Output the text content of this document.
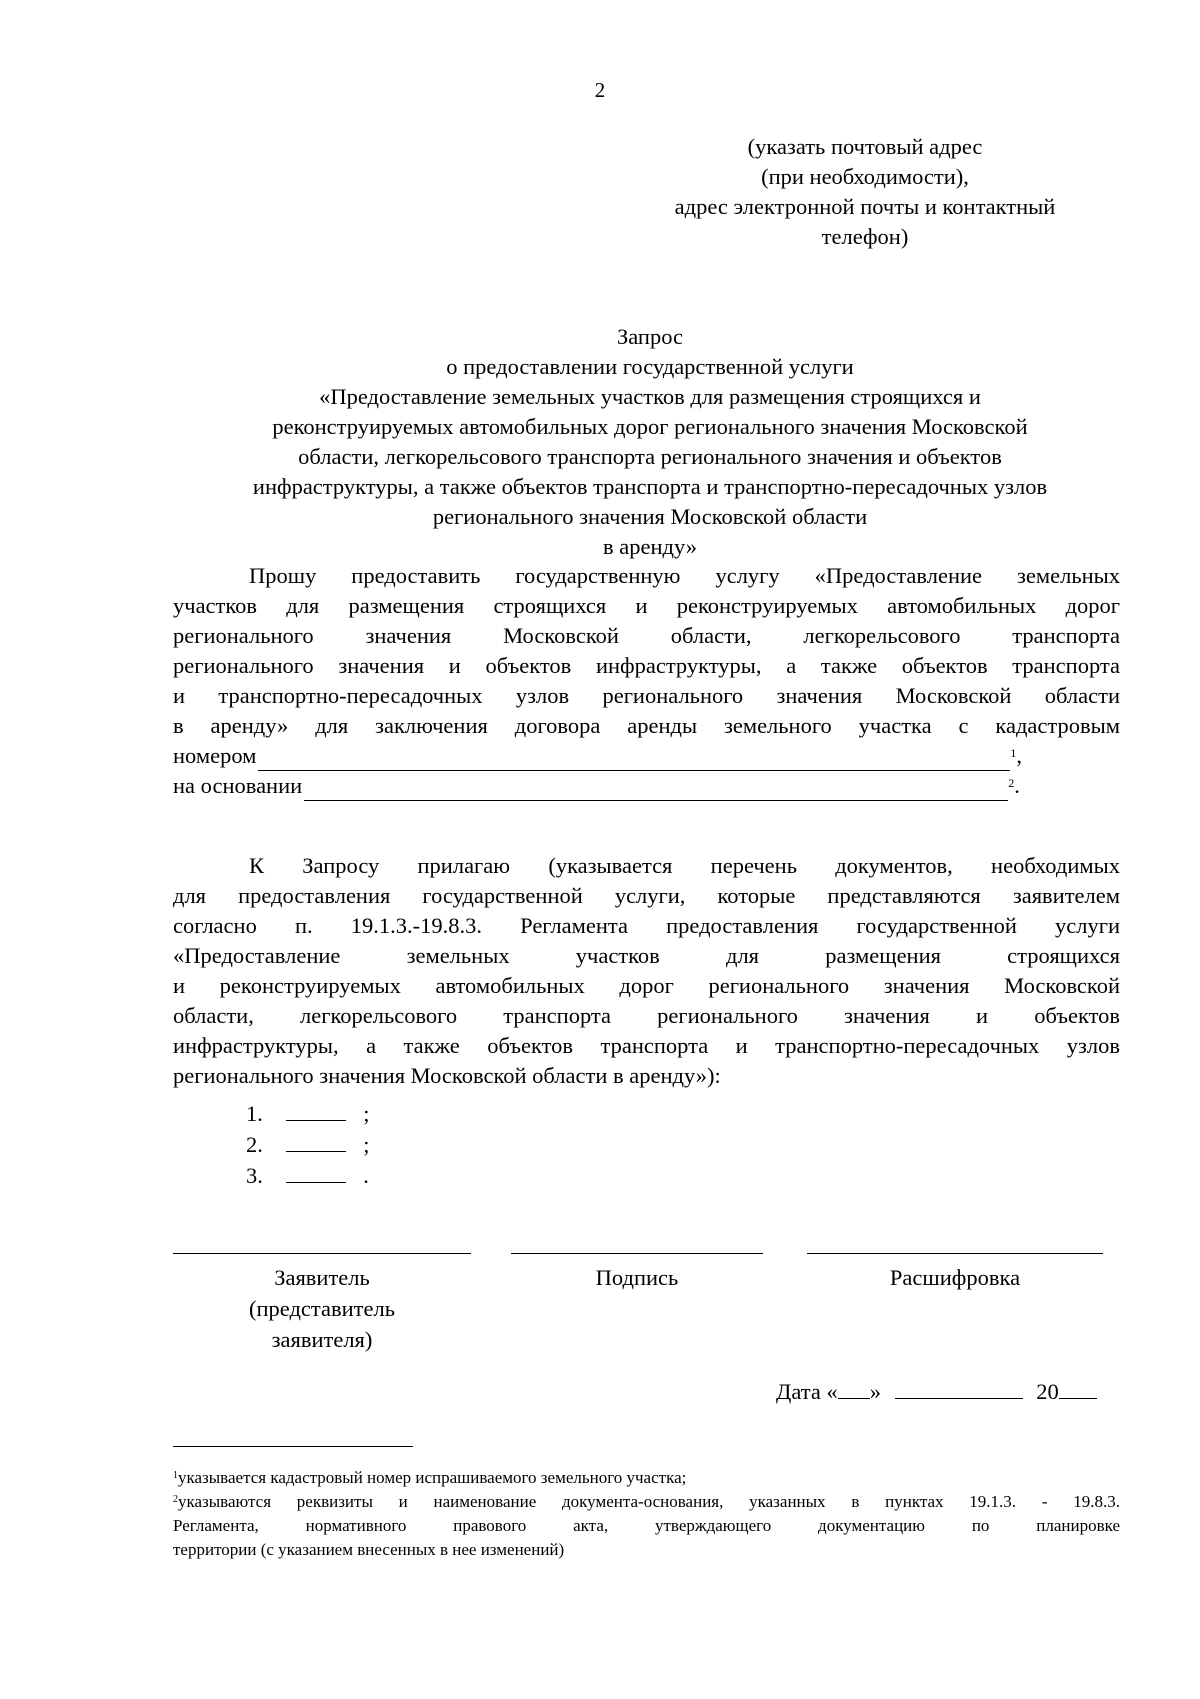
2
(указать почтовый адрес
(при необходимости),
адрес электронной почты и контактный
телефон)
Запрос
о предоставлении государственной услуги
«Предоставление земельных участков для размещения строящихся и
реконструируемых автомобильных дорог регионального значения Московской
области, легкорельсового транспорта регионального значения и объектов
инфраструктуры, а также объектов транспорта и транспортно-пересадочных узлов
регионального значения Московской области
в аренду»
Прошу предоставить государственную услугу «Предоставление земельных
участков для размещения строящихся и реконструируемых автомобильных дорог
регионального значения Московской области, легкорельсового транспорта
регионального значения и объектов инфраструктуры, а также объектов транспорта
и транспортно-пересадочных узлов регионального значения Московской области
в аренду» для заключения договора аренды земельного участка с кадастровым
номером	$^1$ ,
на основании	$^2$ .
К Запросу прилагаю (указывается перечень документов, необходимых
для предоставления государственной услуги, которые представляются заявителем
согласно п. 19.1.3.-19.8.3. Регламента предоставления государственной услуги
«Предоставление земельных участков для размещения строящихся
и реконструируемых автомобильных дорог регионального значения Московской
области, легкорельсового транспорта регионального значения и объектов
инфраструктуры, а также объектов транспорта и транспортно-пересадочных узлов
регионального значения Московской области в аренду»):
1.	;
2.	;
3.	.
Заявитель
(представитель
заявителя)
Подпись	Расшифровка
Дата « »	20
$^1$указывается кадастровый номер испрашиваемого земельного участка;
$^2$указываются реквизиты и наименование документа-основания, указанных в пунктах 19.1.3. - 19.8.3.
Регламента, нормативного правового акта, утверждающего документацию по планировке
территории (с указанием внесенных в нее изменений)
